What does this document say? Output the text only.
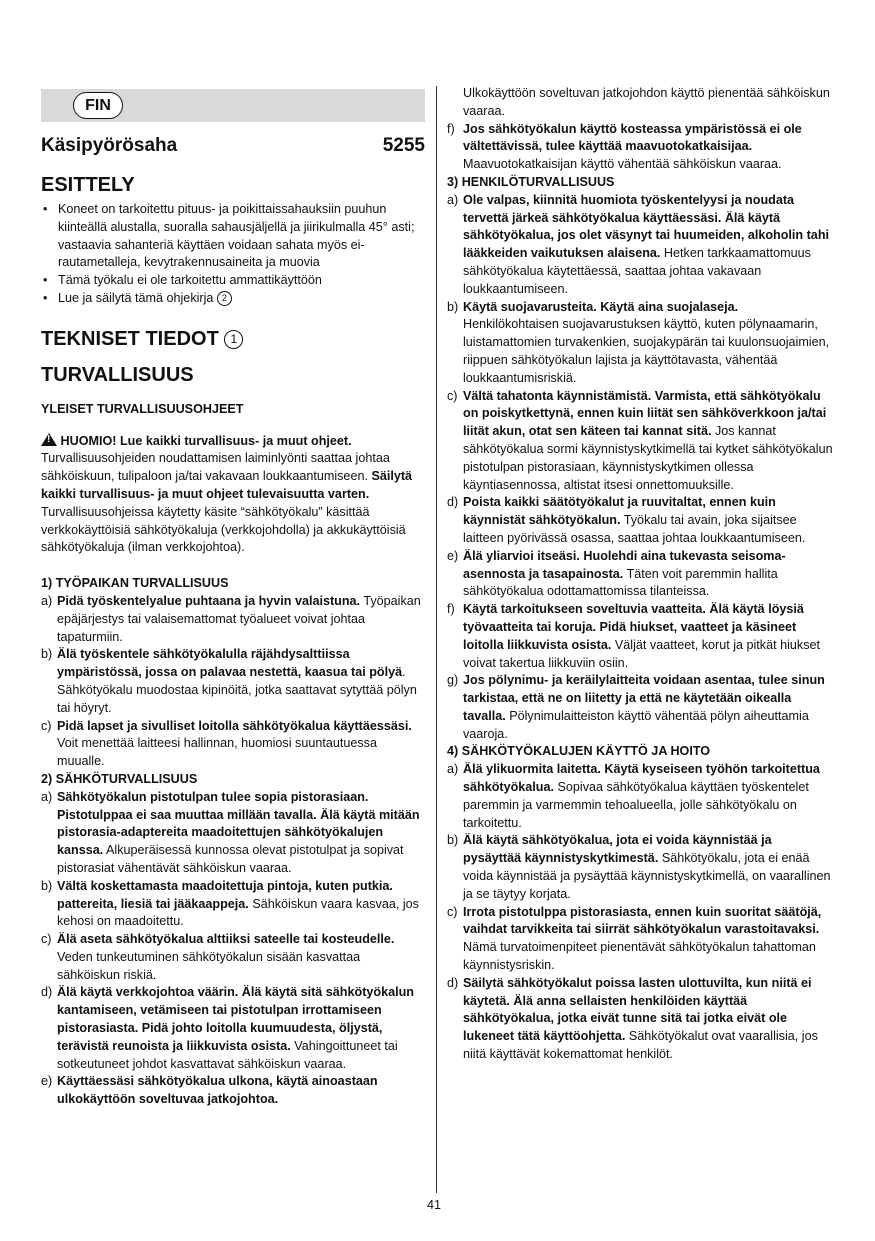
FIN
Käsipyörösaha	5255
ESITTELY
• Koneet on tarkoitettu pituus- ja poikittaissahauksiin puuhun kiinteällä alustalla, suoralla sahausjäljellä ja jiirikulmalla 45° asti; vastaavia sahanteriä käyttäen voidaan sahata myös ei-rautametalleja, kevytrakennusaineita ja muovia
• Tämä työkalu ei ole tarkoitettu ammattikäyttöön
• Lue ja säilytä tämä ohjekirja 2
TEKNISET TIEDOT 1
TURVALLISUUS
YLEISET TURVALLISUUSOHJEET
! HUOMIO! Lue kaikki turvallisuus- ja muut ohjeet. Turvallisuusohjeiden noudattamisen laiminlyönti saattaa johtaa sähköiskuun, tulipaloon ja/tai vakavaan loukkaantumiseen. Säilytä kaikki turvallisuus- ja muut ohjeet tulevaisuutta varten. Turvallisuusohjeissa käytetty käsite “sähkötyökalu” käsittää verkkokäyttöisiä sähkötyökaluja (verkkojohdolla) ja akkukäyttöisiä sähkötyökaluja (ilman verkkojohtoa).
1) TYÖPAIKAN TURVALLISUUS
a) Pidä työskentelyalue puhtaana ja hyvin valaistuna. Työpaikan epäjärjestys tai valaisemattomat työalueet voivat johtaa tapaturmiin.
b) Älä työskentele sähkötyökalulla räjähdysalttiissa ympäristössä, jossa on palavaa nestettä, kaasua tai pölyä. Sähkötyökalu muodostaa kipinöitä, jotka saattavat sytyttää pölyn tai höyryt.
c) Pidä lapset ja sivulliset loitolla sähkötyökalua käyttäessäsi. Voit menettää laitteesi hallinnan, huomiosi suuntautuessa muualle.
2) SÄHKÖTURVALLISUUS
a) Sähkötyökalun pistotulpan tulee sopia pistorasiaan. Pistotulppaa ei saa muuttaa millään tavalla. Älä käytä mitään pistorasia-adaptereita maadoitettujen sähkötyökalujen kanssa. Alkuperäisessä kunnossa olevat pistotulpat ja sopivat pistorasiat vähentävät sähköiskun vaaraa.
b) Vältä koskettamasta maadoitettuja pintoja, kuten putkia. pattereita, liesiä tai jääkaappeja. Sähköiskun vaara kasvaa, jos kehosi on maadoitettu.
c) Älä aseta sähkötyökalua alttiiksi sateelle tai kosteudelle. Veden tunkeutuminen sähkötyökalun sisään kasvattaa sähköiskun riskiä.
d) Älä käytä verkkojohtoa väärin. Älä käytä sitä sähkötyökalun kantamiseen, vetämiseen tai pistotulpan irrottamiseen pistorasiasta. Pidä johto loitolla kuumuudesta, öljystä, terävistä reunoista ja liikkuvista osista. Vahingoittuneet tai sotkeutuneet johdot kasvattavat sähköiskun vaaraa.
e) Käyttäessäsi sähkötyökalua ulkona, käytä ainoastaan ulkokäyttöön soveltuvaa jatkojohtoa.
Ulkokäyttöön soveltuvan jatkojohdon käyttö pienentää sähköiskun vaaraa.
f) Jos sähkötyökalun käyttö kosteassa ympäristössä ei ole vältettävissä, tulee käyttää maavuotokatkaisijaa. Maavuotokatkaisijan käyttö vähentää sähköiskun vaaraa.
3) HENKILÖTURVALLISUUS
a) Ole valpas, kiinnitä huomiota työskentelyysi ja noudata tervettä järkeä sähkötyökalua käyttäessäsi. Älä käytä sähkötyökalua, jos olet väsynyt tai huumeiden, alkoholin tahi lääkkeiden vaikutuksen alaisena. Hetken tarkkaamattomuus sähkötyökalua käytettäessä, saattaa johtaa vakavaan loukkaantumiseen.
b) Käytä suojavarusteita. Käytä aina suojalaseja. Henkilökohtaisen suojavarustuksen käyttö, kuten pölynaamarin, luistamattomien turvakenkien, suojakypärän tai kuulonsuojaimien, riippuen sähkötyökalun lajista ja käyttötavasta, vähentää loukkaantumisriskiä.
c) Vältä tahatonta käynnistämistä. Varmista, että sähkötyökalu on poiskytkettynä, ennen kuin liität sen sähköverkkoon ja/tai liität akun, otat sen käteen tai kannat sitä. Jos kannat sähkötyökalua sormi käynnistyskytkimellä tai kytket sähkötyökalun pistotulpan pistorasiaan, käynnistyskytkimen ollessa käyntiasennossa, altistat itsesi onnettomuuksille.
d) Poista kaikki säätötyökalut ja ruuvitaltat, ennen kuin käynnistät sähkötyökalun. Työkalu tai avain, joka sijaitsee laitteen pyörivässä osassa, saattaa johtaa loukkaantumiseen.
e) Älä yliarvioi itseäsi. Huolehdi aina tukevasta seisoma-asennosta ja tasapainosta. Täten voit paremmin hallita sähkötyökalua odottamattomissa tilanteissa.
f) Käytä tarkoitukseen soveltuvia vaatteita. Älä käytä löysiä työvaatteita tai koruja. Pidä hiukset, vaatteet ja käsineet loitolla liikkuvista osista. Väljät vaatteet, korut ja pitkät hiukset voivat takertua liikkuviin osiin.
g) Jos pölynimu- ja keräilylaitteita voidaan asentaa, tulee sinun tarkistaa, että ne on liitetty ja että ne käytetään oikealla tavalla. Pölynimulaitteiston käyttö vähentää pölyn aiheuttamia vaaroja.
4) SÄHKÖTYÖKALUJEN KÄYTTÖ JA HOITO
a) Älä ylikuormita laitetta. Käytä kyseiseen työhön tarkoitettua sähkötyökalua. Sopivaa sähkötyökalua käyttäen työskentelet paremmin ja varmemmin tehoalueella, jolle sähkötyökalu on tarkoitettu.
b) Älä käytä sähkötyökalua, jota ei voida käynnistää ja pysäyttää käynnistyskytkimestä. Sähkötyökalu, jota ei enää voida käynnistää ja pysäyttää käynnistyskytkimellä, on vaarallinen ja se täytyy korjata.
c) Irrota pistotulppa pistorasiasta, ennen kuin suoritat säätöjä, vaihdat tarvikkeita tai siirrät sähkötyökalun varastoitavaksi. Nämä turvatoimenpiteet pienentävät sähkötyökalun tahattoman käynnistysriskin.
d) Säilytä sähkötyökalut poissa lasten ulottuvilta, kun niitä ei käytetä. Älä anna sellaisten henkilöiden käyttää sähkötyökalua, jotka eivät tunne sitä tai jotka eivät ole lukeneet tätä käyttöohjetta. Sähkötyökalut ovat vaarallisia, jos niitä käyttävät kokemattomat henkilöt.
41
